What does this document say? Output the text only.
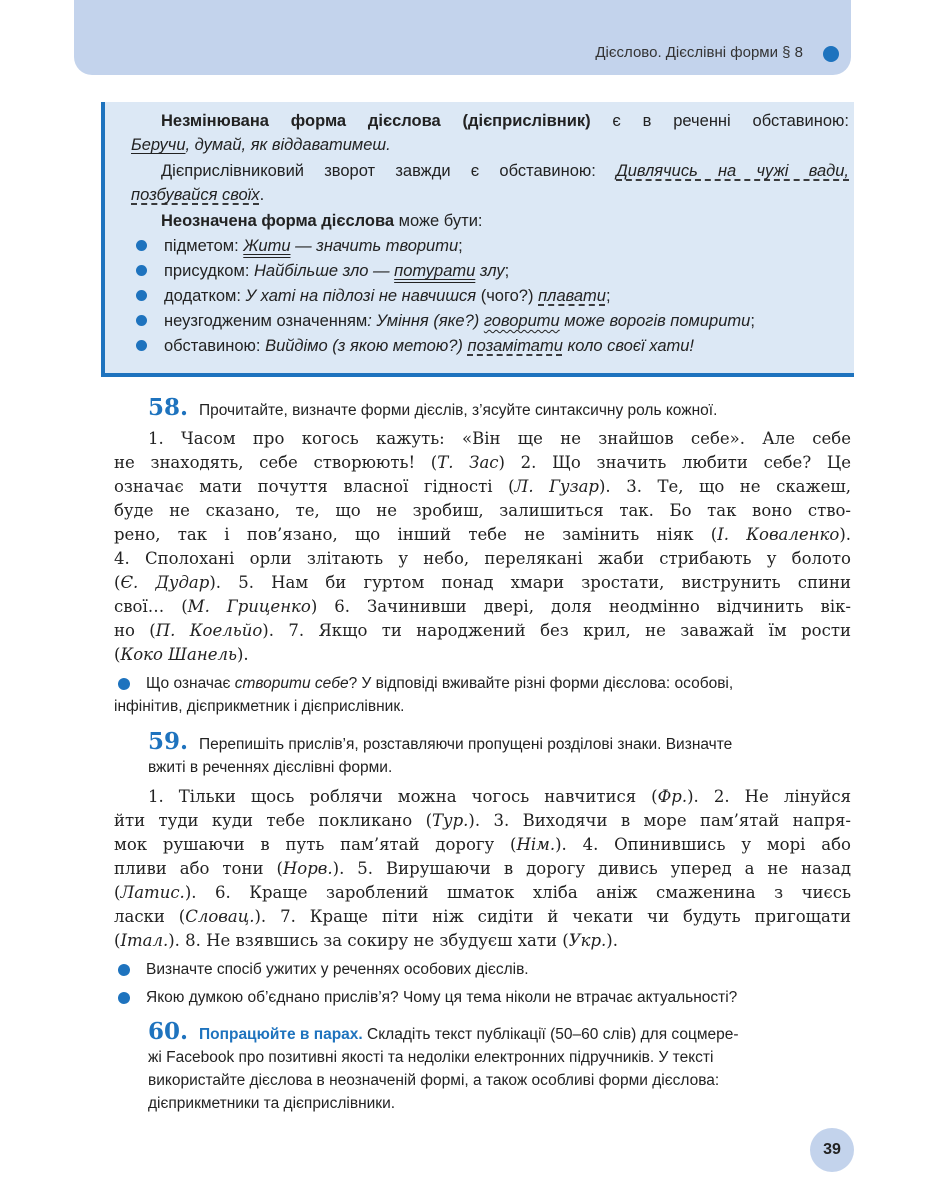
Дієслово. Дієслівні форми § 8
Незмінювана форма дієслова (дієприслівник) є в реченні обставиною:
Беручи, думай, як віддаватимеш.
Дієприслівниковий зворот завжди є обставиною: Дивлячись на чужі вади,
позбувайся своїх.
Неозначена форма дієслова може бути:
підметом: Жити — значить творити;
присудком: Найбільше зло — потурати злу;
додатком: У хаті на підлозі не навчишся (чого?) плавати;
неузгодженим означенням: Уміння (яке?) говорити може ворогів помирити;
обставиною: Вийдімо (з якою метою?) позамітати коло своєї хати!
58. Прочитайте, визначте форми дієслів, з’ясуйте синтаксичну роль кожної.
1. Часом про когось кажуть: «Він ще не знайшов себе». Але себе
не знаходять, себе створюють! (Т. Зас) 2. Що значить любити себе? Це
означає мати почуття власної гідності (Л. Гузар). 3. Те, що не скажеш,
буде не сказано, те, що не зробиш, залишиться так. Бо так воно ство-
рено, так і пов’язано, що інший тебе не замінить ніяк (І. Коваленко).
4. Сполохані орли злітають у небо, перелякані жаби стрибають у болото
(Є. Дудар). 5. Нам би гуртом понад хмари зростати, виструнить спини
свої… (М. Гриценко) 6. Зачинивши двері, доля неодмінно відчинить вік-
но (П. Коельйо). 7. Якщо ти народжений без крил, не заважай їм рости
(Коко Шанель).
Що означає створити себе? У відповіді вживайте різні форми дієслова: особові,
інфінітив, дієприкметник і дієприслівник.
59. Перепишіть прислів’я, розставляючи пропущені розділові знаки. Визначте
вжиті в реченнях дієслівні форми.
1. Тільки щось роблячи можна чогось навчитися (Фр.). 2. Не лінуйся
йти туди куди тебе покликано (Тур.). 3. Виходячи в море пам’ятай напря-
мок рушаючи в путь пам’ятай дорогу (Нім.). 4. Опинившись у морі або
пливи або тони (Норв.). 5. Вирушаючи в дорогу дивись уперед а не назад
(Латис.). 6. Краще зароблений шматок хліба аніж смаженина з чиєсь
ласки (Словац.). 7. Краще піти ніж сидіти й чекати чи будуть пригощати
(Італ.). 8. Не взявшись за сокиру не збудуєш хати (Укр.).
Визначте спосіб ужитих у реченнях особових дієслів.
Якою думкою об’єднано прислів’я? Чому ця тема ніколи не втрачає актуальності?
60. Попрацюйте в парах. Складіть текст публікації (50–60 слів) для соцмере-
жі Facebook про позитивні якості та недоліки електронних підручників. У тексті
використайте дієслова в неозначеній формі, а також особливі форми дієслова:
дієприкметники та дієприслівники.
39
